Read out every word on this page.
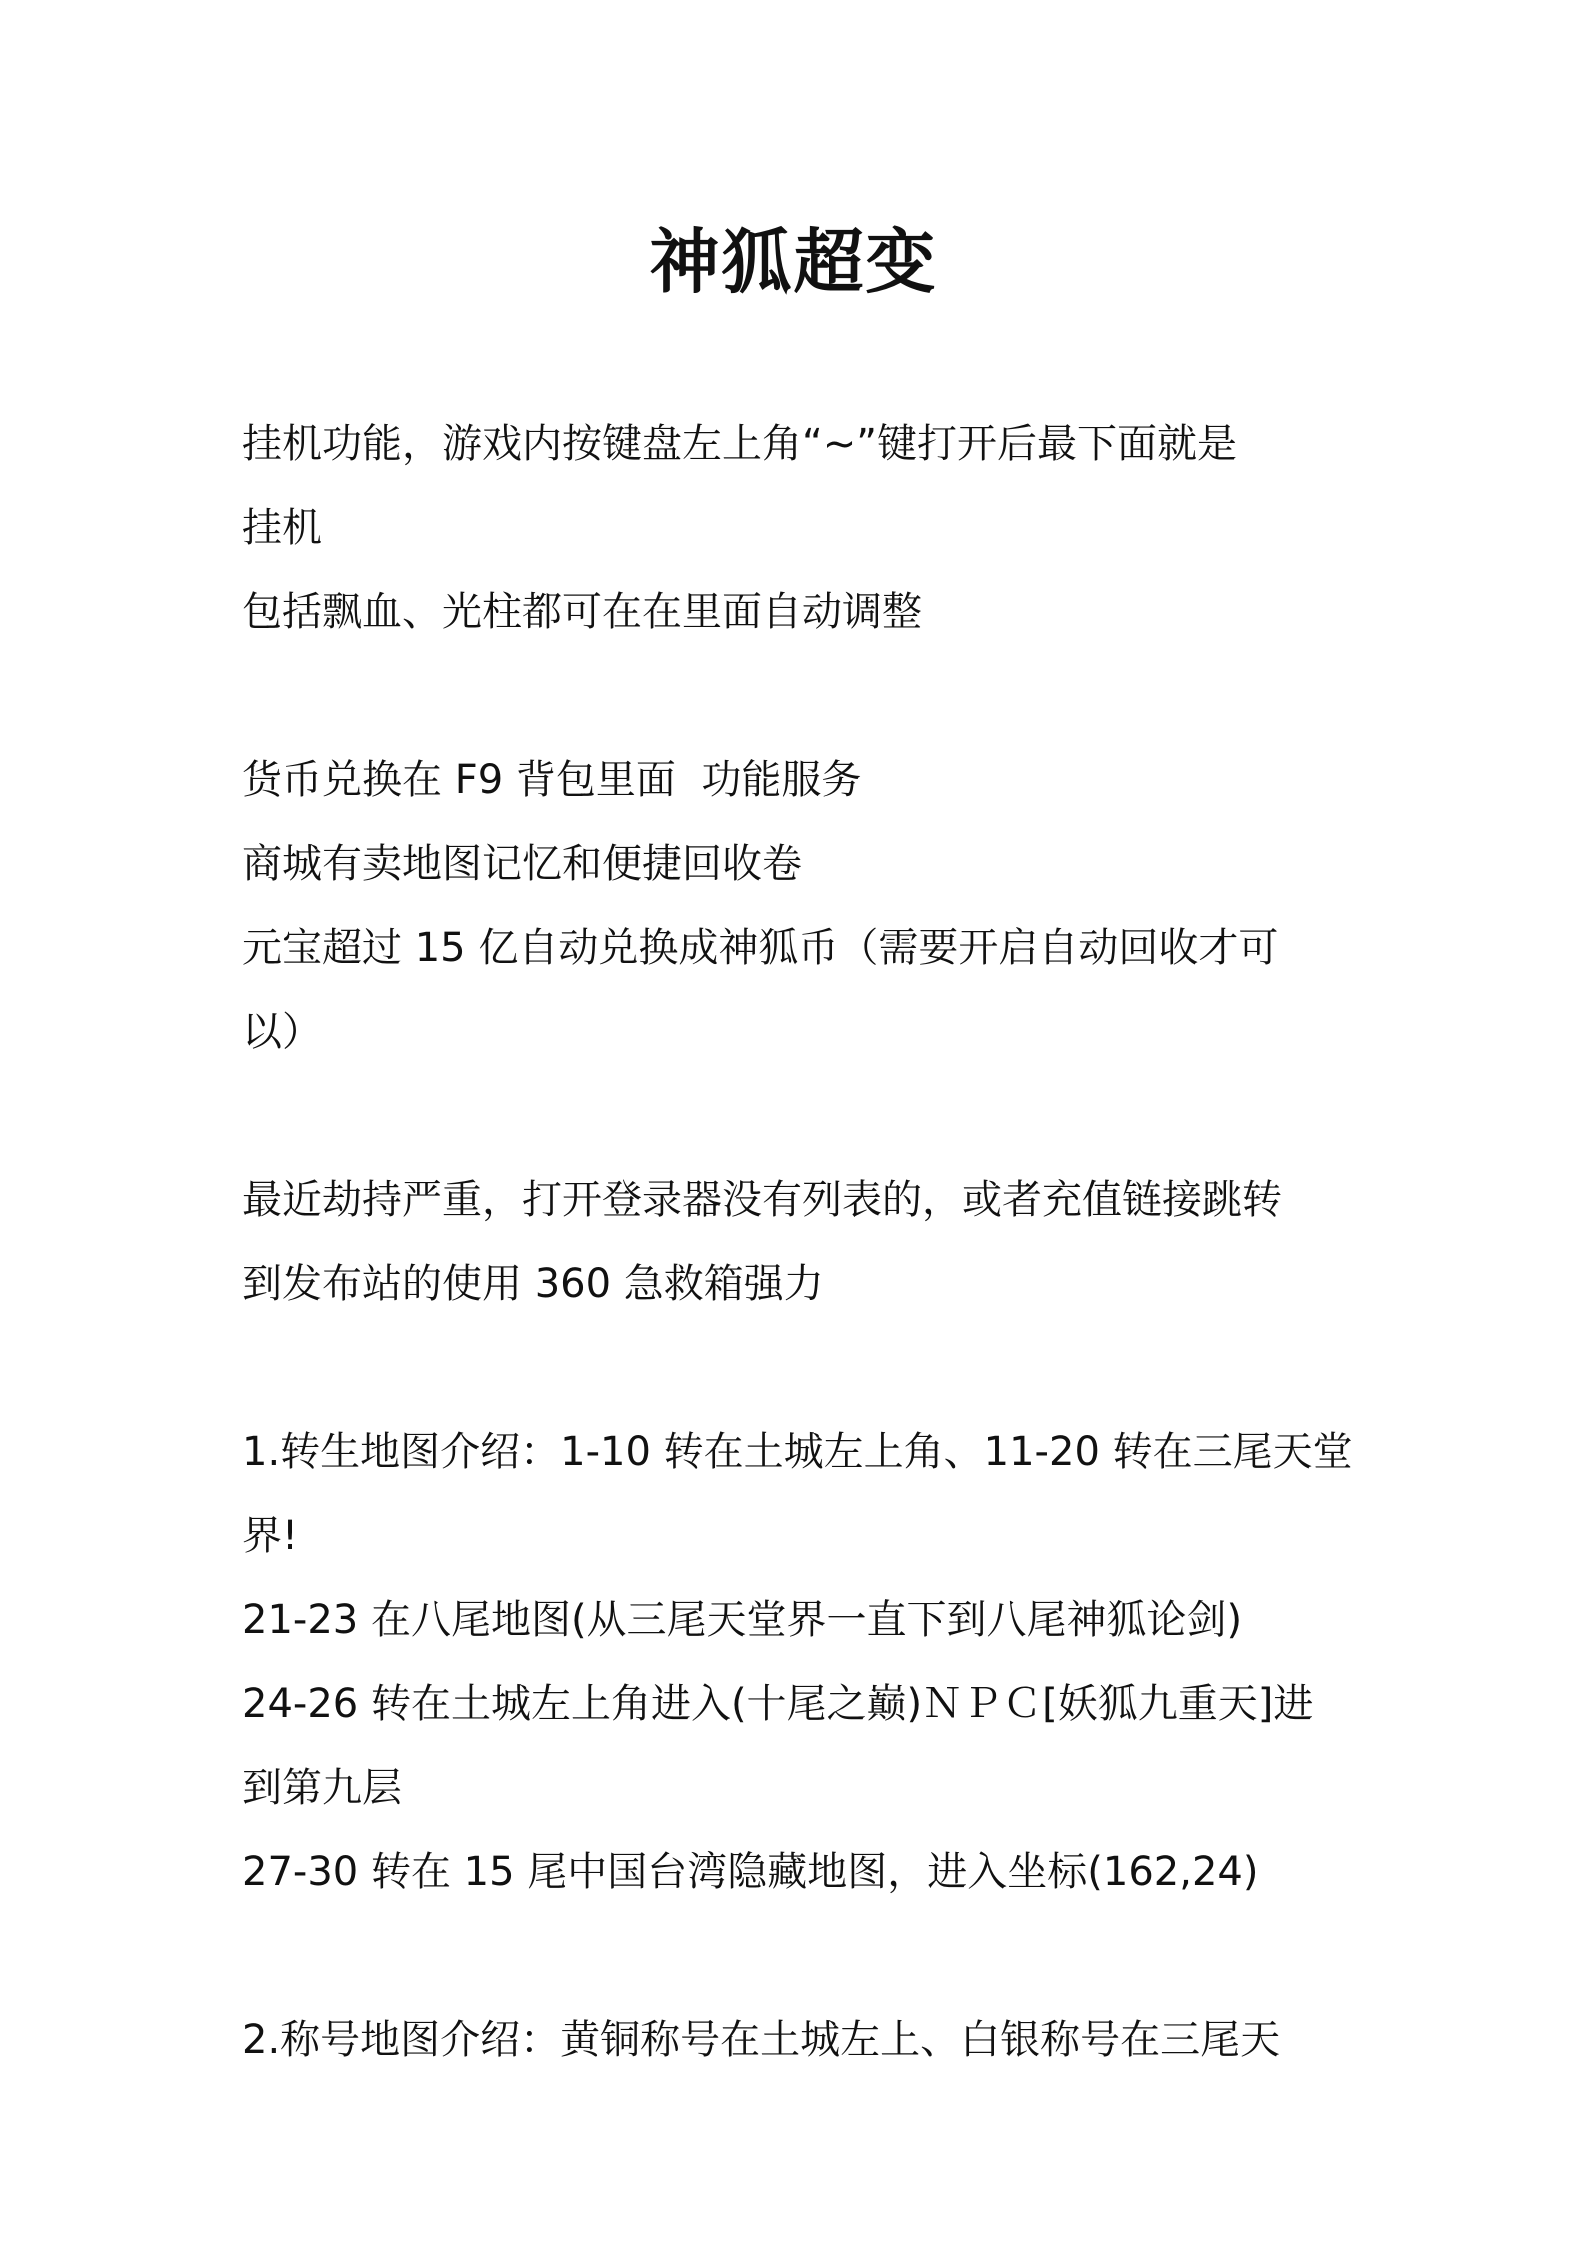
神狐超变
挂机功能，游戏内按键盘左上角“~”键打开后最下面就是
挂机
包括飘血、光柱都可在在里面自动调整
货币兑换在 F9 背包里面  功能服务
商城有卖地图记忆和便捷回收卷
元宝超过 15 亿自动兑换成神狐币（需要开启自动回收才可
以）
最近劫持严重，打开登录器没有列表的，或者充值链接跳转
到发布站的使用 360 急救箱强力
1.转生地图介绍：1-10 转在土城左上角、11-20 转在三尾天堂
界!
21-23 在八尾地图(从三尾天堂界一直下到八尾神狐论剑)
24-26 转在土城左上角进入(十尾之巅)ＮＰＣ[妖狐九重天]进
到第九层
27-30 转在 15 尾中国台湾隐藏地图，进入坐标(162,24)
2.称号地图介绍：黄铜称号在土城左上、白银称号在三尾天
